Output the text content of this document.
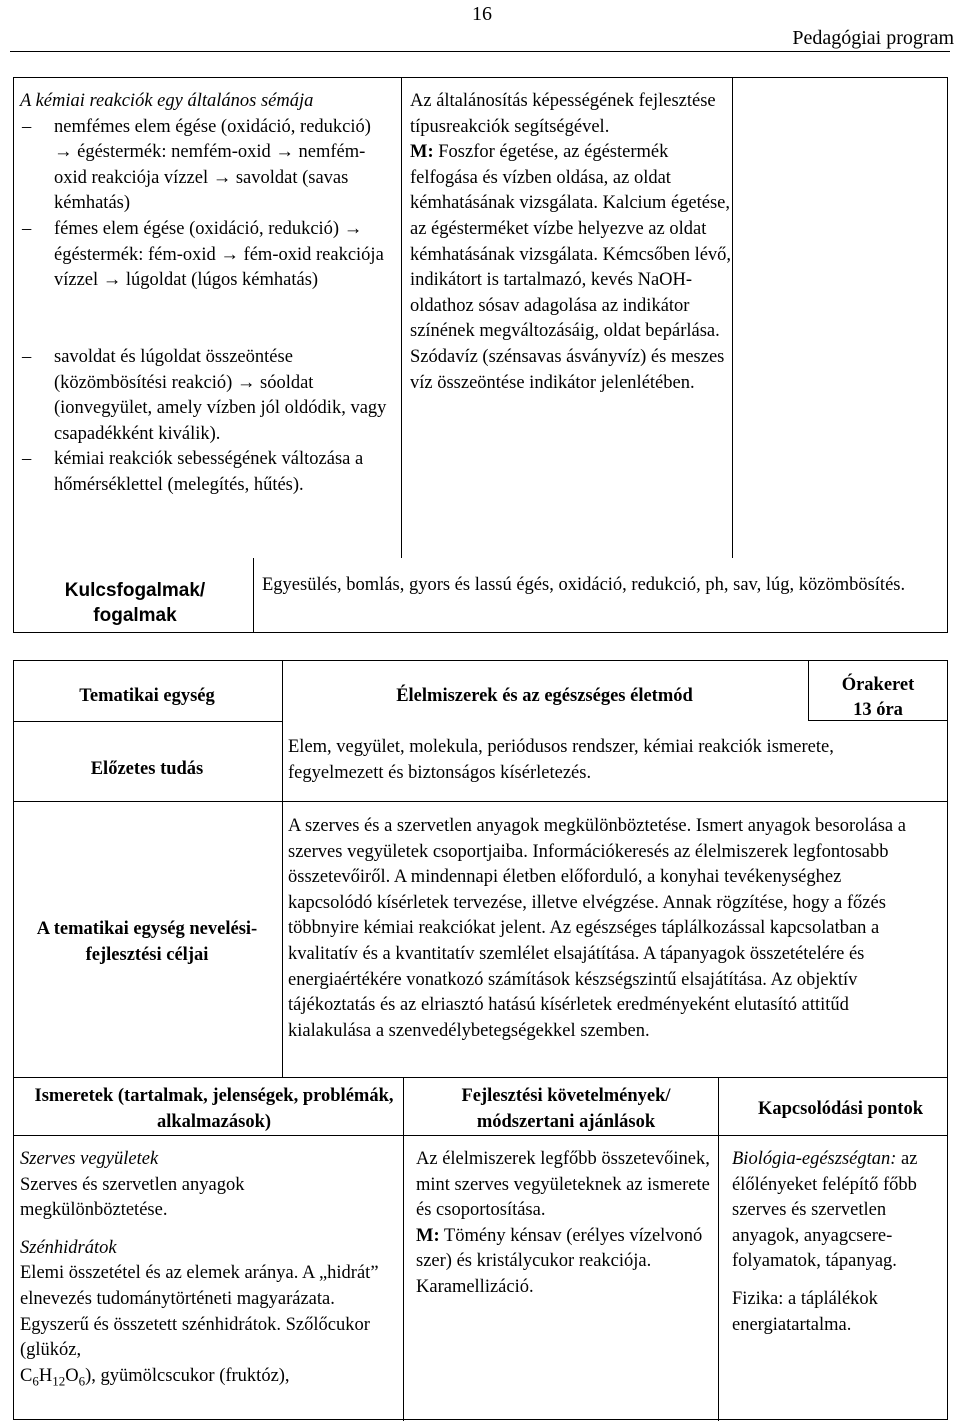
16
Pedagógiai program

A kémiai reakciók egy általános sémája

– nemfémes elem égése (oxidáció, redukció) → égéstermék: nemfém-oxid → nemfém-oxid reakciója vízzel → savoldat (savas kémhatás)

– fémes elem égése (oxidáció, redukció) → égéstermék: fém-oxid → fém-oxid reakciója vízzel → lúgoldat (lúgos kémhatás)

– savoldat és lúgoldat összeöntése (közömbösítési reakció) → sóoldat (ionvegyület, amely vízben jól oldódik, vagy csapadékként kiválik).

– kémiai reakciók sebességének változása a hőmérséklettel (melegítés, hűtés).

Az általánosítás képességének fejlesztése típusreakciók segítségével.

M: Foszfor égetése, az égéstermék felfogása és vízben oldása, az oldat kémhatásának vizsgálata. Kalcium égetése, az égésterméket vízbe helyezve az oldat kémhatásának vizsgálata. Kémcsőben lévő, indikátort is tartalmazó, kevés NaOH-oldathoz sósav adagolása az indikátor színének megváltozásáig, oldat bepárlása. Szódavíz (szénsavas ásványvíz) és meszes víz összeöntése indikátor jelenlétében.

Kulcsfogalmak/ fogalmak
Egyesülés, bomlás, gyors és lassú égés, oxidáció, redukció, ph, sav, lúg, közömbösítés.
Tematikai egység	Élelmiszerek és az egészséges életmód
Órakeret
13 óra
Előzetes tudás
Elem, vegyület, molekula, periódusos rendszer, kémiai reakciók ismerete, fegyelmezett és biztonságos kísérletezés.
A tematikai egység nevelési-fejlesztési céljai
A szerves és a szervetlen anyagok megkülönböztetése. Ismert anyagok besorolása a szerves vegyületek csoportjaiba. Információkeresés az élelmiszerek legfontosabb összetevőiről. A mindennapi életben előforduló, a konyhai tevékenységhez kapcsolódó kísérletek tervezése, illetve elvégzése. Annak rögzítése, hogy a főzés többnyire kémiai reakciókat jelent. Az egészséges táplálkozással kapcsolatban a kvalitatív és a kvantitatív szemlélet elsajátítása. A tápanyagok összetételére és energiaértékére vonatkozó számítások készségszintű elsajátítása. Az objektív tájékoztatás és az elriasztó hatású kísérletek eredményeként elutasító attitűd kialakulása a szenvedélybetegségekkel szemben.
Ismeretek (tartalmak, jelenségek, problémák, alkalmazások)
Fejlesztési követelmények/ módszertani ajánlások
Kapcsolódási pontok

Szerves vegyületek

Szerves és szervetlen anyagok megkülönböztetése.

Szénhidrátok

Elemi összetétel és az elemek aránya. A „hidrát” elnevezés tudománytörténeti magyarázata. Egyszerű és összetett szénhidrátok. Szőlőcukor (glükóz,

$C_6H_{12}O_6$), gyümölcscukor (fruktóz),

Az élelmiszerek legfőbb összetevőinek, mint szerves vegyületeknek az ismerete és csoportosítása.

M: Tömény kénsav (erélyes vízelvonó szer) és kristálycukor reakciója.

Karamellizáció.

Biológia-egészségtan: az élőlényeket felépítő főbb szerves és szervetlen anyagok, anyagcsere-folyamatok, tápanyag.

Fizika: a táplálékok energiatartalma.
